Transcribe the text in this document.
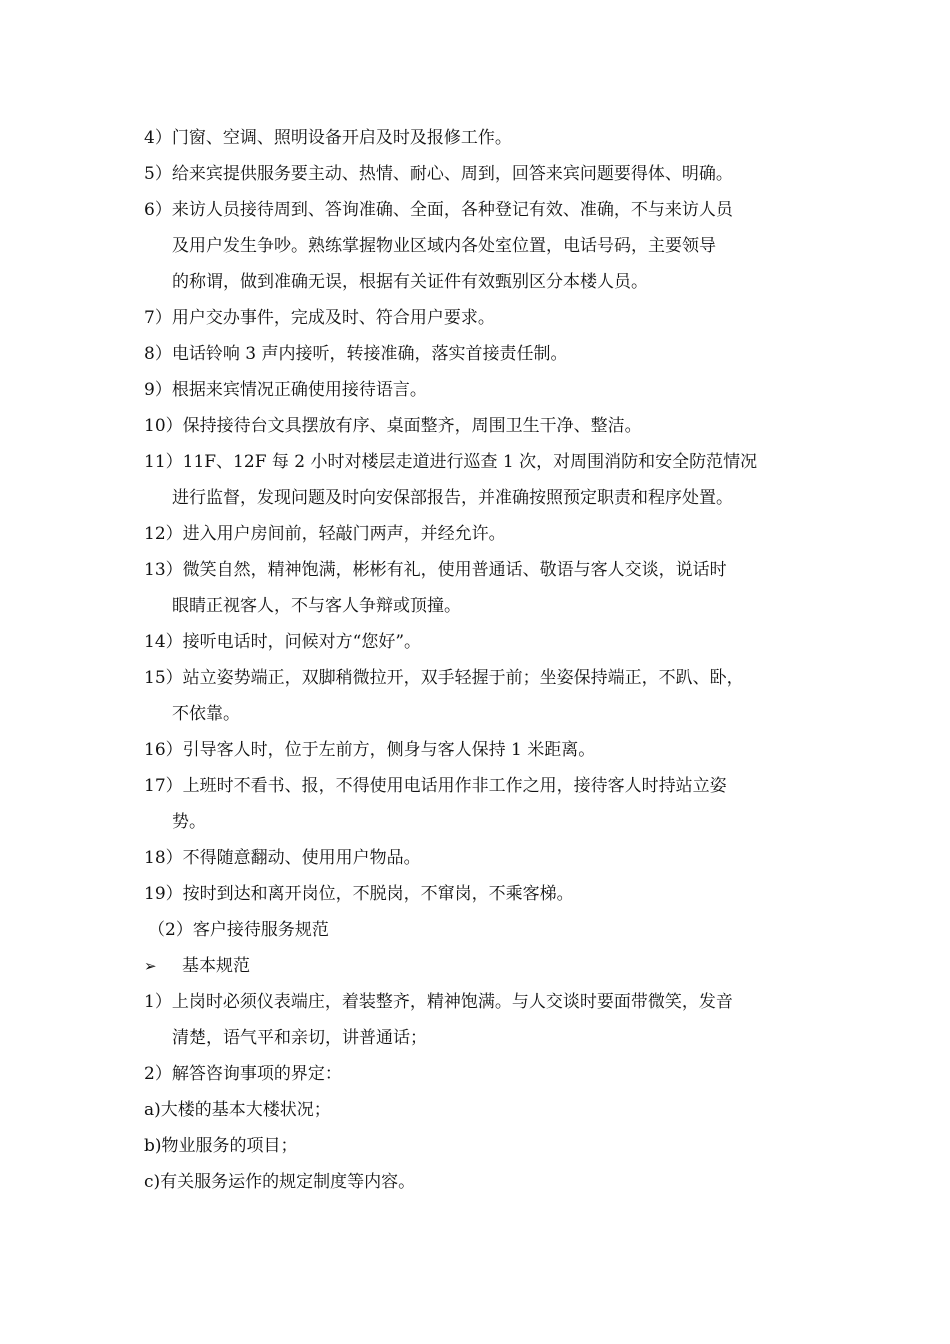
4）门窗、空调、照明设备开启及时及报修工作。
5）给来宾提供服务要主动、热情、耐心、周到，回答来宾问题要得体、明确。
6）来访人员接待周到、答询准确、全面，各种登记有效、准确，不与来访人员
及用户发生争吵。熟练掌握物业区域内各处室位置，电话号码，主要领导
的称谓，做到准确无误，根据有关证件有效甄别区分本楼人员。
7）用户交办事件，完成及时、符合用户要求。
8）电话铃响 3 声内接听，转接准确，落实首接责任制。
9）根据来宾情况正确使用接待语言。
10）保持接待台文具摆放有序、桌面整齐，周围卫生干净、整洁。
11）11F、12F 每 2 小时对楼层走道进行巡查 1 次，对周围消防和安全防范情况
进行监督，发现问题及时向安保部报告，并准确按照预定职责和程序处置。
12）进入用户房间前，轻敲门两声，并经允许。
13）微笑自然，精神饱满，彬彬有礼，使用普通话、敬语与客人交谈，说话时
眼睛正视客人，不与客人争辩或顶撞。
14）接听电话时，问候对方“您好”。
15）站立姿势端正，双脚稍微拉开，双手轻握于前；坐姿保持端正，不趴、卧，
不依靠。
16）引导客人时，位于左前方，侧身与客人保持 1 米距离。
17）上班时不看书、报，不得使用电话用作非工作之用，接待客人时持站立姿
势。
18）不得随意翻动、使用用户物品。
19）按时到达和离开岗位，不脱岗，不窜岗，不乘客梯。
（2）客户接待服务规范
➢ 基本规范
1）上岗时必须仪表端庄，着装整齐，精神饱满。与人交谈时要面带微笑，发音
清楚，语气平和亲切，讲普通话；
2）解答咨询事项的界定：
a)大楼的基本大楼状况；
b)物业服务的项目；
c)有关服务运作的规定制度等内容。
